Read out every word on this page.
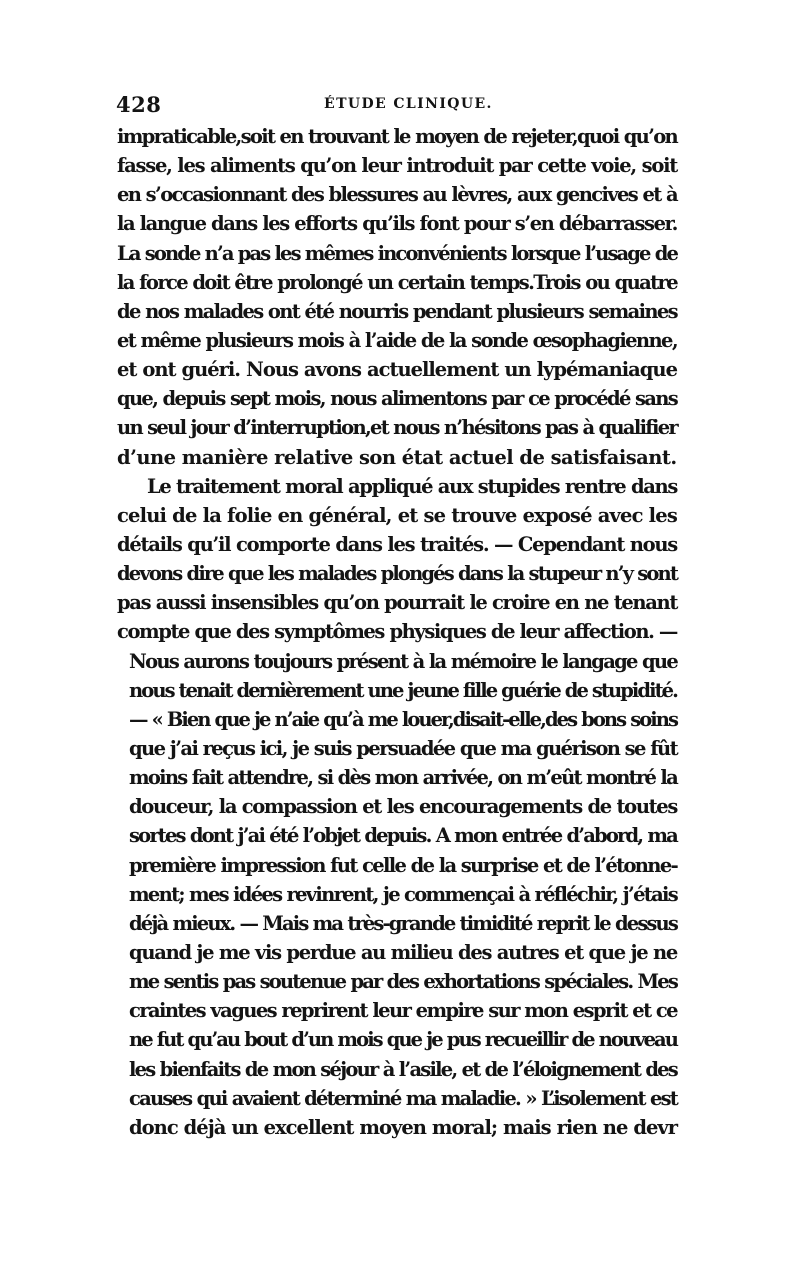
428	ÉTUDE CLINIQUE.
impraticable,soit en trouvant le moyen de rejeter,quoi qu’on
fasse, les aliments qu’on leur introduit par cette voie, soit
en s’occasionnant des blessures au lèvres, aux gencives et à
la langue dans les efforts qu’ils font pour s’en débarrasser.
La sonde n’a pas les mêmes inconvénients lorsque l’usage de
la force doit être prolongé un certain temps.Trois ou quatre
de nos malades ont été nourris pendant plusieurs semaines
et même plusieurs mois à l’aide de la sonde œsophagienne,
et ont guéri. Nous avons actuellement un lypémaniaque
que, depuis sept mois, nous alimentons par ce procédé sans
un seul jour d’interruption,et nous n’hésitons pas à qualifier
d’une manière relative son état actuel de satisfaisant.
Le traitement moral appliqué aux stupides rentre dans
celui de la folie en général, et se trouve exposé avec les
détails qu’il comporte dans les traités. — Cependant nous
devons dire que les malades plongés dans la stupeur n’y sont
pas aussi insensibles qu’on pourrait le croire en ne tenant
compte que des symptômes physiques de leur affection. —
Nous aurons toujours présent à la mémoire le langage que
nous tenait dernièrement une jeune fille guérie de stupidité.
— « Bien que je n’aie qu’à me louer,disait-elle,des bons soins
que j’ai reçus ici, je suis persuadée que ma guérison se fût
moins fait attendre, si dès mon arrivée, on m’eût montré la
douceur, la compassion et les encouragements de toutes
sortes dont j’ai été l’objet depuis. A mon entrée d’abord, ma
première impression fut celle de la surprise et de l’étonne-
ment; mes idées revinrent, je commençai à réfléchir, j’étais
déjà mieux. — Mais ma très-grande timidité reprit le dessus
quand je me vis perdue au milieu des autres et que je ne
me sentis pas soutenue par des exhortations spéciales. Mes
craintes vagues reprirent leur empire sur mon esprit et ce
ne fut qu’au bout d’un mois que je pus recueillir de nouveau
les bienfaits de mon séjour à l’asile, et de l’éloignement des
causes qui avaient déterminé ma maladie. » L’isolement est
donc déjà un excellent moyen moral; mais rien ne devr
